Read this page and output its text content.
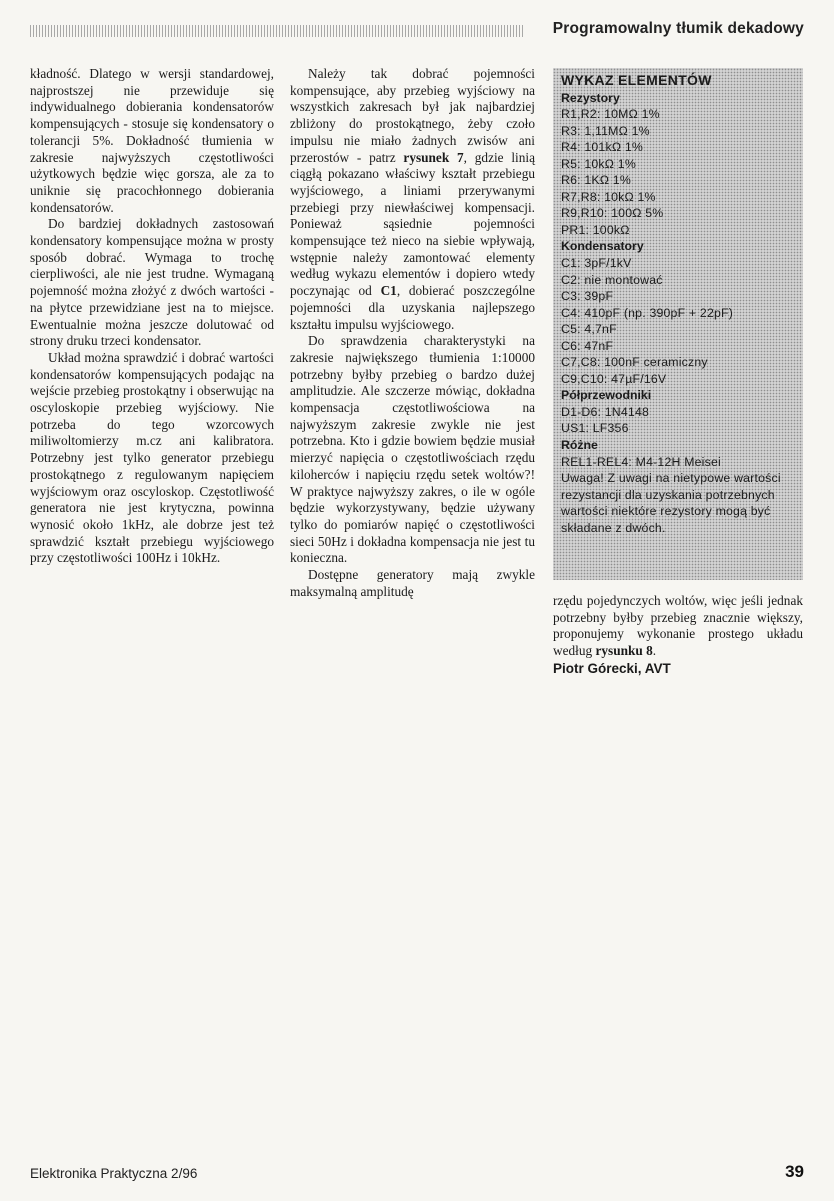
Programowalny tłumik dekadowy

kładność. Dlatego w wersji standardowej, najprostszej nie przewiduje się indywidualnego dobierania kondensatorów kompensujących - stosuje się kondensatory o tolerancji 5%. Dokładność tłumienia w zakresie najwyższych częstotliwości użytkowych będzie więc gorsza, ale za to uniknie się pracochłonnego dobierania kondensatorów.

Do bardziej dokładnych zastosowań kondensatory kompensujące można w prosty sposób dobrać. Wymaga to trochę cierpliwości, ale nie jest trudne. Wymaganą pojemność można złożyć z dwóch wartości - na płytce przewidziane jest na to miejsce. Ewentualnie można jeszcze dolutować od strony druku trzeci kondensator.

Układ można sprawdzić i dobrać wartości kondensatorów kompensujących podając na wejście przebieg prostokątny i obserwując na oscyloskopie przebieg wyjściowy. Nie potrzeba do tego wzorcowych miliwoltomierzy m.cz ani kalibratora. Potrzebny jest tylko generator przebiegu prostokątnego z regulowanym napięciem wyjściowym oraz oscyloskop. Częstotliwość generatora nie jest krytyczna, powinna wynosić około 1kHz, ale dobrze jest też sprawdzić kształt przebiegu wyjściowego przy częstotliwości 100Hz i 10kHz.

Należy tak dobrać pojemności kompensujące, aby przebieg wyjściowy na wszystkich zakresach był jak najbardziej zbliżony do prostokątnego, żeby czoło impulsu nie miało żadnych zwisów ani przerostów - patrz rysunek 7, gdzie linią ciągłą pokazano właściwy kształt przebiegu wyjściowego, a liniami przerywanymi przebiegi przy niewłaściwej kompensacji. Ponieważ sąsiednie pojemności kompensujące też nieco na siebie wpływają, wstępnie należy zamontować elementy według wykazu elementów i dopiero wtedy poczynając od C1, dobierać poszczególne pojemności dla uzyskania najlepszego kształtu impulsu wyjściowego.

Do sprawdzenia charakterystyki na zakresie największego tłumienia 1:10000 potrzebny byłby przebieg o bardzo dużej amplitudzie. Ale szczerze mówiąc, dokładna kompensacja częstotliwościowa na najwyższym zakresie zwykle nie jest potrzebna. Kto i gdzie bowiem będzie musiał mierzyć napięcia o częstotliwościach rzędu kiloherców i napięciu rzędu setek woltów?! W praktyce najwyższy zakres, o ile w ogóle będzie wykorzystywany, będzie używany tylko do pomiarów napięć o częstotliwości sieci 50Hz i dokładna kompensacja nie jest tu konieczna.

Dostępne generatory mają zwykle maksymalną amplitudę

WYKAZ ELEMENTÓW
Rezystory
R1,R2: 10MΩ 1%
R3: 1,11MΩ 1%
R4: 101kΩ 1%
R5: 10kΩ 1%
R6: 1KΩ 1%
R7,R8: 10kΩ 1%
R9,R10: 100Ω 5%
PR1: 100kΩ
Kondensatory
C1: 3pF/1kV
C2: nie montować
C3: 39pF
C4: 410pF (np. 390pF + 22pF)
C5: 4,7nF
C6: 47nF
C7,C8: 100nF ceramiczny
C9,C10: 47µF/16V
Półprzewodniki
D1-D6: 1N4148
US1: LF356
Różne
REL1-REL4: M4-12H Meisei
Uwaga! Z uwagi na nietypowe wartości rezystancji dla uzyskania potrzebnych wartości niektóre rezystory mogą być składane z dwóch.

rzędu pojedynczych woltów, więc jeśli jednak potrzebny byłby przebieg znacznie większy, proponujemy wykonanie prostego układu według rysunku 8.

Piotr Górecki, AVT
Elektronika Praktyczna 2/96	39
